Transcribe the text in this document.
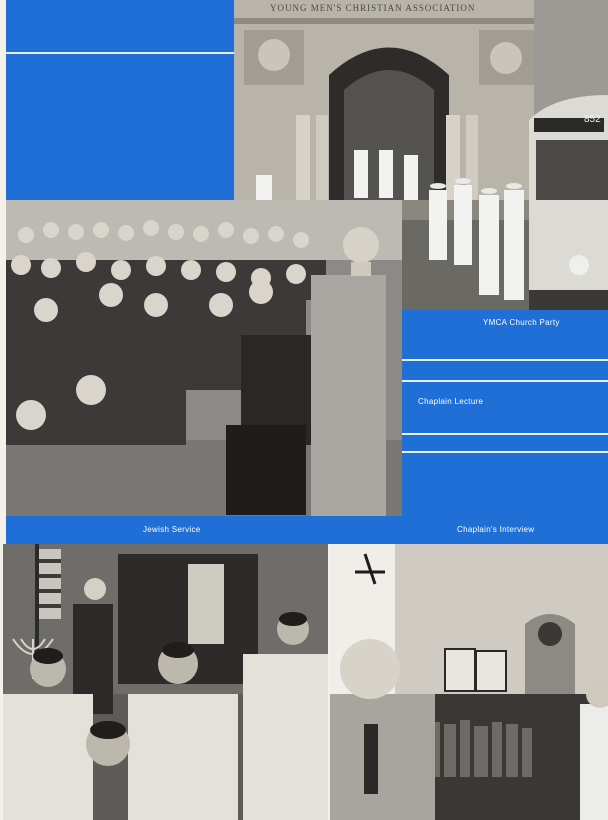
YOUNG MEN'S CHRISTIAN ASSOCIATION
852
YMCA Church Party
Chaplain Lecture
Jewish Service	Chaplain's Interview
